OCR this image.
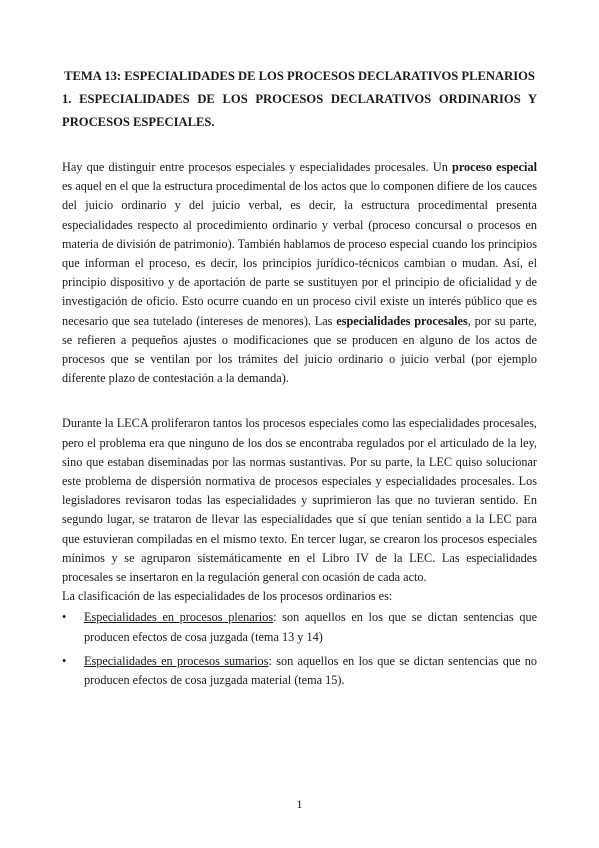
TEMA 13: ESPECIALIDADES DE LOS PROCESOS DECLARATIVOS PLENARIOS

1. ESPECIALIDADES DE LOS PROCESOS DECLARATIVOS ORDINARIOS Y PROCESOS ESPECIALES.

Hay que distinguir entre procesos especiales y especialidades procesales. Un proceso especial es aquel en el que la estructura procedimental de los actos que lo componen difiere de los cauces del juicio ordinario y del juicio verbal, es decir, la estructura procedimental presenta especialidades respecto al procedimiento ordinario y verbal (proceso concursal o procesos en materia de división de patrimonio). También hablamos de proceso especial cuando los principios que informan el proceso, es decir, los principios jurídico-técnicos cambian o mudan. Así, el principio dispositivo y de aportación de parte se sustituyen por el principio de oficialidad y de investigación de oficio. Esto ocurre cuando en un proceso civil existe un interés público que es necesario que sea tutelado (intereses de menores). Las especialidades procesales, por su parte, se refieren a pequeños ajustes o modificaciones que se producen en alguno de los actos de procesos que se ventilan por los trámites del juicio ordinario o juicio verbal (por ejemplo diferente plazo de contestación a la demanda).

Durante la LECA proliferaron tantos los procesos especiales como las especialidades procesales, pero el problema era que ninguno de los dos se encontraba regulados por el articulado de la ley, sino que estaban diseminadas por las normas sustantivas. Por su parte, la LEC quiso solucionar este problema de dispersión normativa de procesos especiales y especialidades procesales. Los legisladores revisaron todas las especialidades y suprimieron las que no tuvieran sentido. En segundo lugar, se trataron de llevar las especialidades que sí que tenían sentido a la LEC para que estuvieran compiladas en el mismo texto. En tercer lugar, se crearon los procesos especiales mínimos y se agruparon sistemáticamente en el Libro IV de la LEC. Las especialidades procesales se insertaron en la regulación general con ocasión de cada acto.

La clasificación de las especialidades de los procesos ordinarios es:

• Especialidades en procesos plenarios: son aquellos en los que se dictan sentencias que producen efectos de cosa juzgada (tema 13 y 14)
• Especialidades en procesos sumarios: son aquellos en los que se dictan sentencias que no producen efectos de cosa juzgada material (tema 15).
1
